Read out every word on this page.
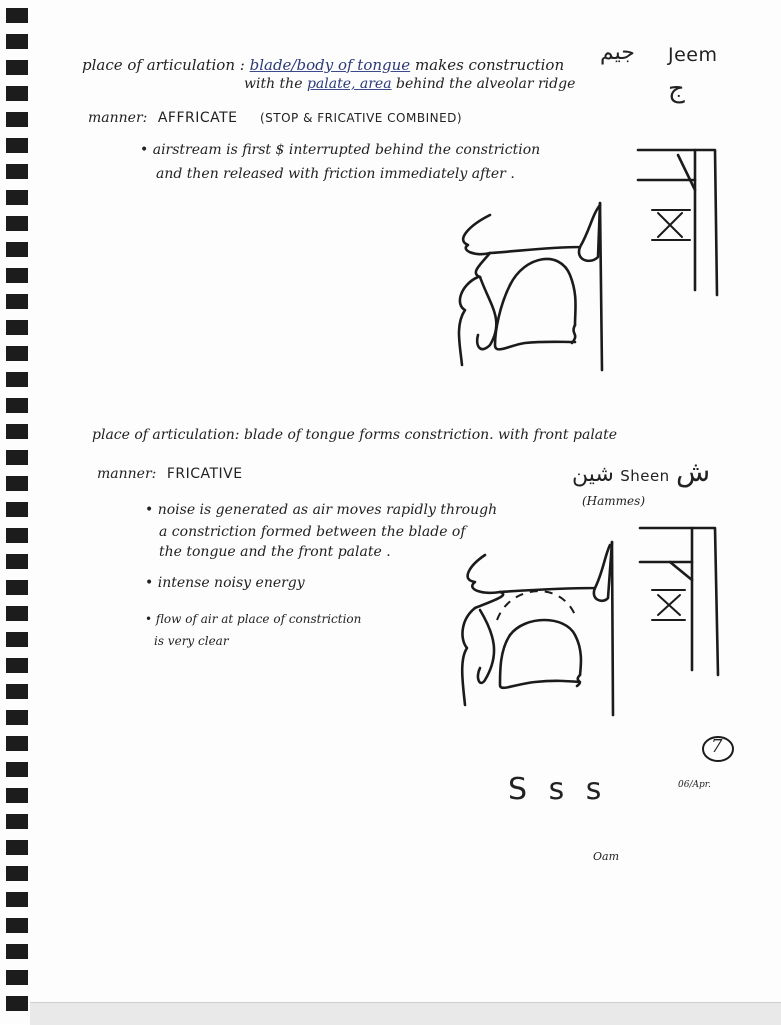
place of articulation : blade/body of tongue makes construction
with the palate, area behind the alveolar ridge
جيم Jeem
ج
manner: AFFRICATE (STOP & FRICATIVE COMBINED)
• airstream is first $ interrupted behind the constriction
and then released with friction immediately after .
place of articulation: blade of tongue forms constriction. with front palate
manner: FRICATIVE	شين Sheen ش
(Hammes)
• noise is generated as air moves rapidly through
a constriction formed between the blade of
the tongue and the front palate .
• intense noisy energy
• flow of air at place of constriction
is very clear
7
06/Apr.
S s s
Oam
